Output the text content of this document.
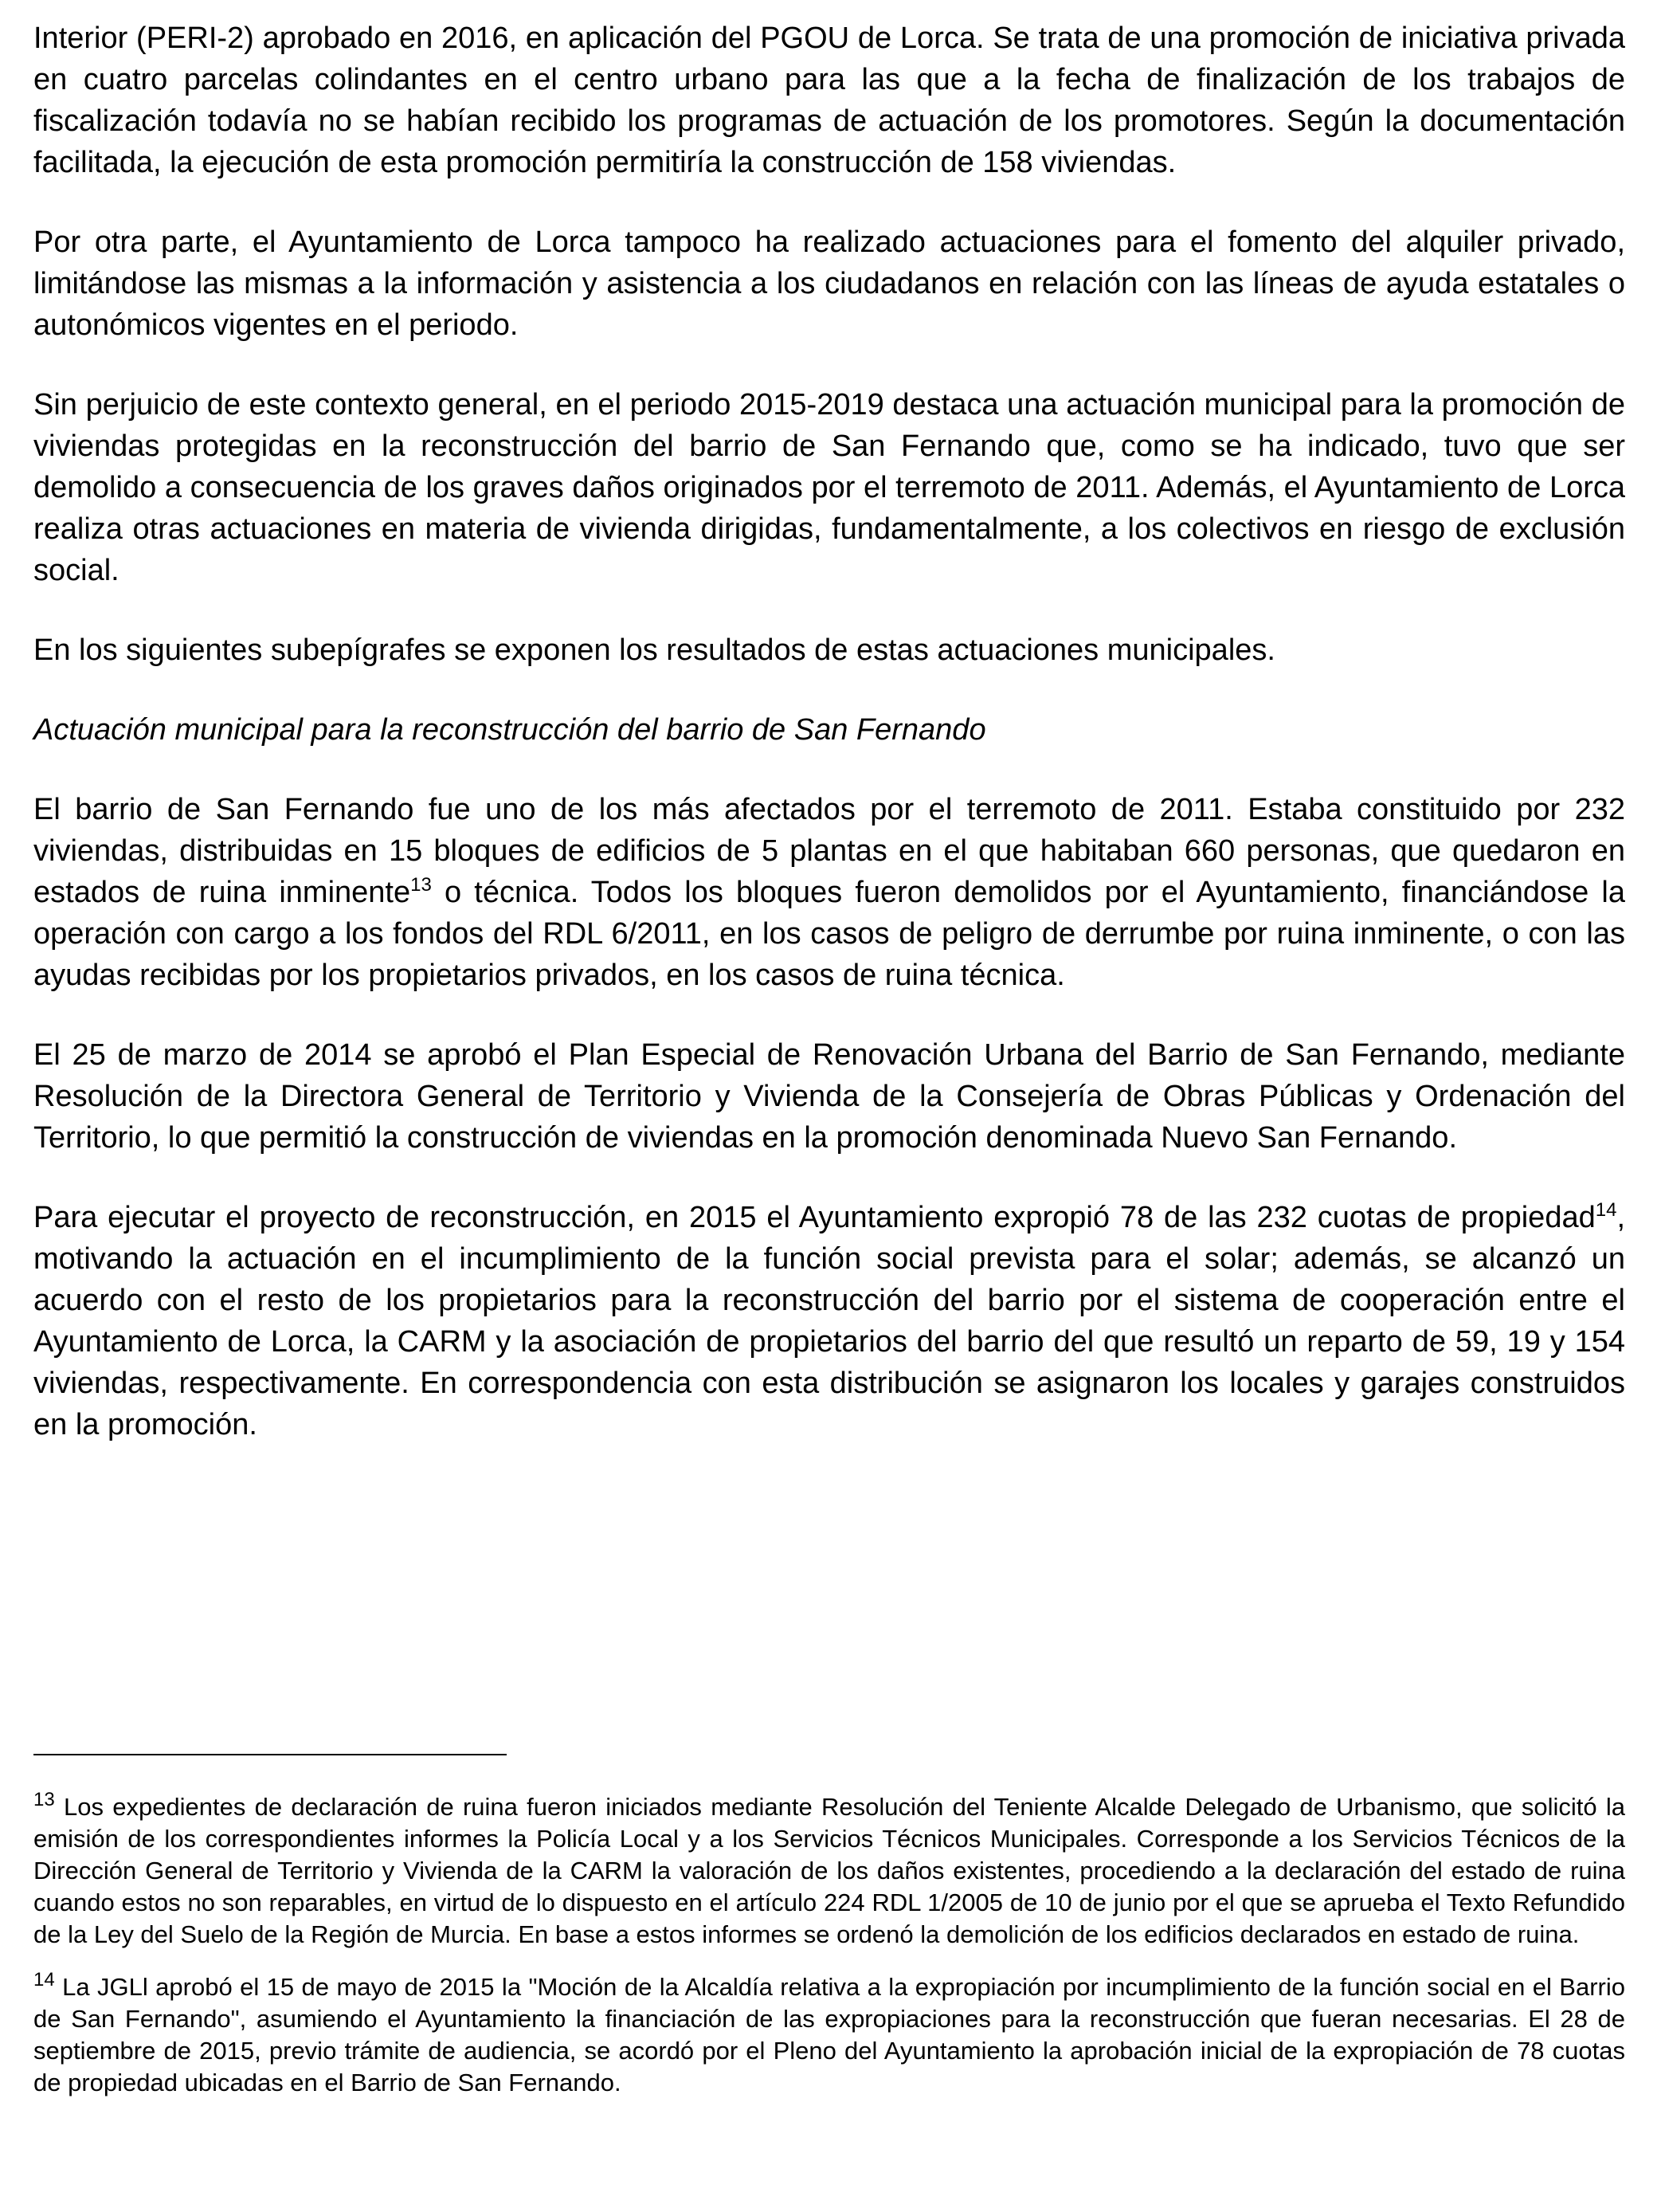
Interior (PERI-2) aprobado en 2016, en aplicación del PGOU de Lorca. Se trata de una promoción de iniciativa privada en cuatro parcelas colindantes en el centro urbano para las que a la fecha de finalización de los trabajos de fiscalización todavía no se habían recibido los programas de actuación de los promotores. Según la documentación facilitada, la ejecución de esta promoción permitiría la construcción de 158 viviendas.

Por otra parte, el Ayuntamiento de Lorca tampoco ha realizado actuaciones para el fomento del alquiler privado, limitándose las mismas a la información y asistencia a los ciudadanos en relación con las líneas de ayuda estatales o autonómicos vigentes en el periodo.

Sin perjuicio de este contexto general, en el periodo 2015-2019 destaca una actuación municipal para la promoción de viviendas protegidas en la reconstrucción del barrio de San Fernando que, como se ha indicado, tuvo que ser demolido a consecuencia de los graves daños originados por el terremoto de 2011. Además, el Ayuntamiento de Lorca realiza otras actuaciones en materia de vivienda dirigidas, fundamentalmente, a los colectivos en riesgo de exclusión social.

En los siguientes subepígrafes se exponen los resultados de estas actuaciones municipales.

Actuación municipal para la reconstrucción del barrio de San Fernando

El barrio de San Fernando fue uno de los más afectados por el terremoto de 2011. Estaba constituido por 232 viviendas, distribuidas en 15 bloques de edificios de 5 plantas en el que habitaban 660 personas, que quedaron en estados de ruina inminente$^{13}$ o técnica. Todos los bloques fueron demolidos por el Ayuntamiento, financiándose la operación con cargo a los fondos del RDL 6/2011, en los casos de peligro de derrumbe por ruina inminente, o con las ayudas recibidas por los propietarios privados, en los casos de ruina técnica.

El 25 de marzo de 2014 se aprobó el Plan Especial de Renovación Urbana del Barrio de San Fernando, mediante Resolución de la Directora General de Territorio y Vivienda de la Consejería de Obras Públicas y Ordenación del Territorio, lo que permitió la construcción de viviendas en la promoción denominada Nuevo San Fernando.

Para ejecutar el proyecto de reconstrucción, en 2015 el Ayuntamiento expropió 78 de las 232 cuotas de propiedad$^{14}$, motivando la actuación en el incumplimiento de la función social prevista para el solar; además, se alcanzó un acuerdo con el resto de los propietarios para la reconstrucción del barrio por el sistema de cooperación entre el Ayuntamiento de Lorca, la CARM y la asociación de propietarios del barrio del que resultó un reparto de 59, 19 y 154 viviendas, respectivamente. En correspondencia con esta distribución se asignaron los locales y garajes construidos en la promoción.

$^{13}$ Los expedientes de declaración de ruina fueron iniciados mediante Resolución del Teniente Alcalde Delegado de Urbanismo, que solicitó la emisión de los correspondientes informes la Policía Local y a los Servicios Técnicos Municipales. Corresponde a los Servicios Técnicos de la Dirección General de Territorio y Vivienda de la CARM la valoración de los daños existentes, procediendo a la declaración del estado de ruina cuando estos no son reparables, en virtud de lo dispuesto en el artículo 224 RDL 1/2005 de 10 de junio por el que se aprueba el Texto Refundido de la Ley del Suelo de la Región de Murcia. En base a estos informes se ordenó la demolición de los edificios declarados en estado de ruina.

$^{14}$ La JGLl aprobó el 15 de mayo de 2015 la "Moción de la Alcaldía relativa a la expropiación por incumplimiento de la función social en el Barrio de San Fernando", asumiendo el Ayuntamiento la financiación de las expropiaciones para la reconstrucción que fueran necesarias. El 28 de septiembre de 2015, previo trámite de audiencia, se acordó por el Pleno del Ayuntamiento la aprobación inicial de la expropiación de 78 cuotas de propiedad ubicadas en el Barrio de San Fernando.
